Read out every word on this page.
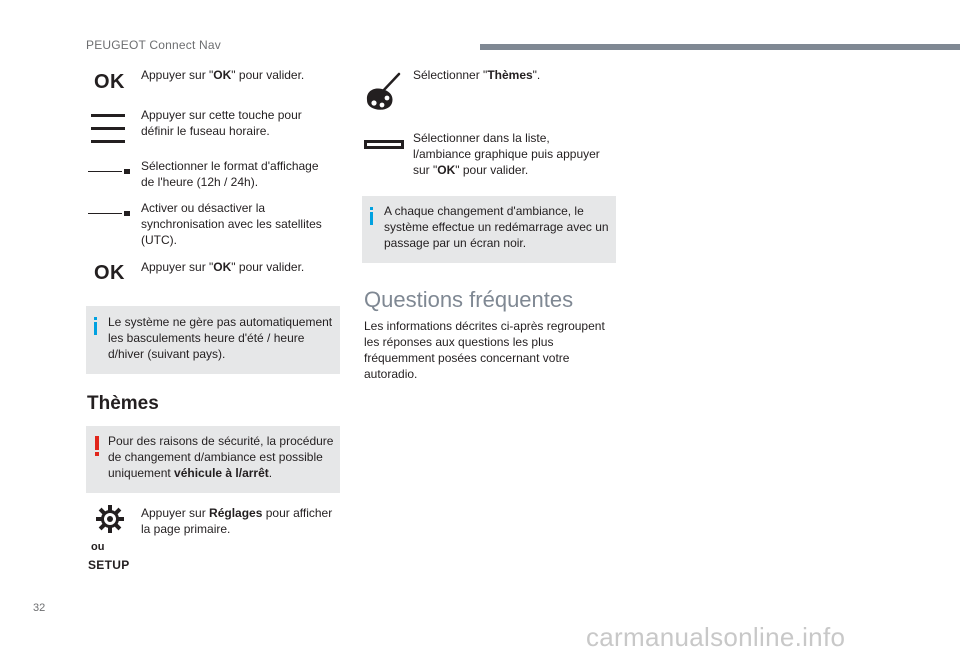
PEUGEOT Connect Nav
OK Appuyer sur "OK" pour valider.
Appuyer sur cette touche pour
définir le fuseau horaire.
Sélectionner le format d'affichage
de l'heure (12h / 24h).
Activer ou désactiver la
synchronisation avec les satellites
(UTC).
OK Appuyer sur "OK" pour valider.
Le système ne gère pas automatiquement
les basculements heure d'été / heure
d/hiver (suivant pays).
Thèmes
Pour des raisons de sécurité, la procédure
de changement d/ambiance est possible
uniquement véhicule à l/arrêt.
Appuyer sur Réglages pour afficher
la page primaire.
ou
SETUP
Sélectionner "Thèmes".
Sélectionner dans la liste,
l/ambiance graphique puis appuyer
sur "OK" pour valider.
A chaque changement d'ambiance, le
système effectue un redémarrage avec un
passage par un écran noir.
Questions fréquentes
Les informations décrites ci-après regroupent
les réponses aux questions les plus
fréquemment posées concernant votre
autoradio.
32
carmanualsonline.info
